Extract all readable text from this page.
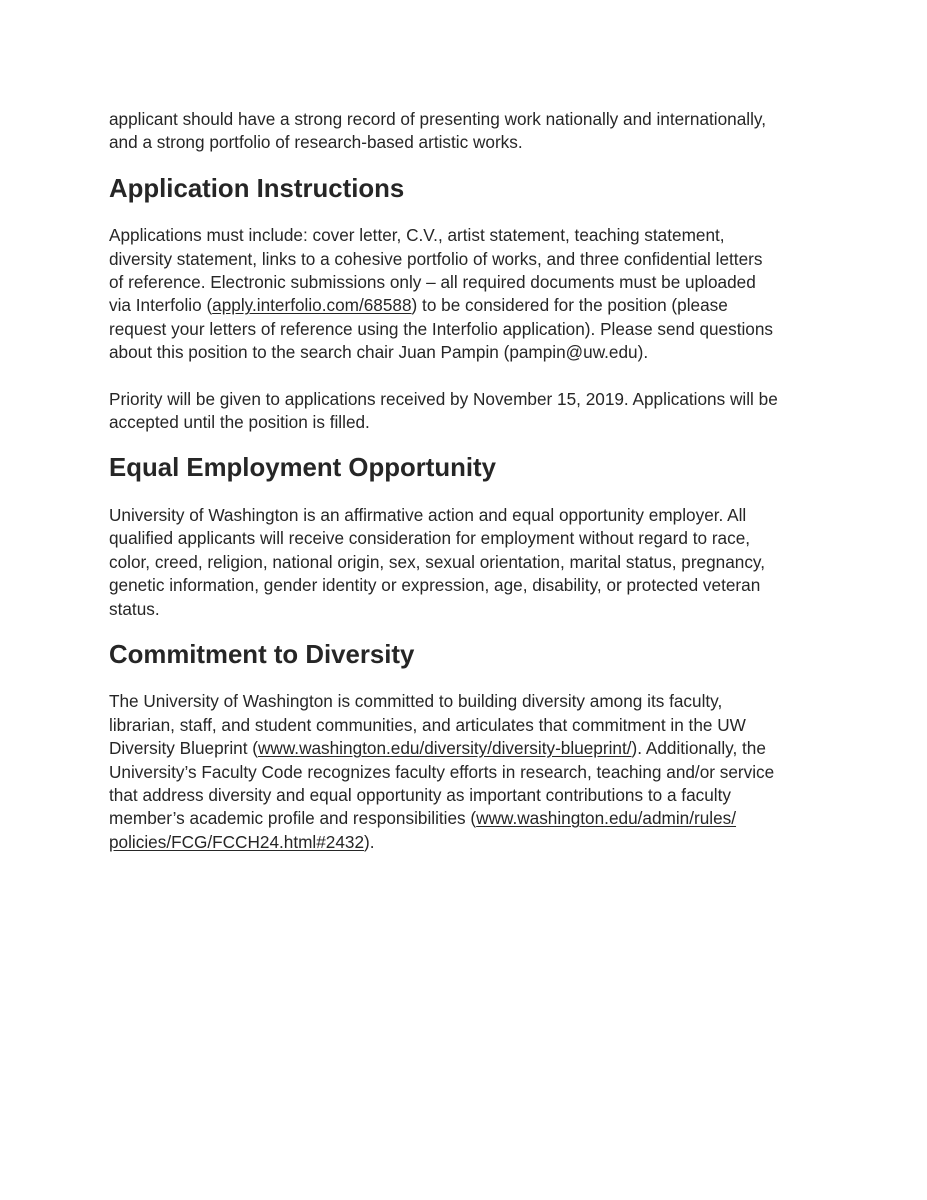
applicant should have a strong record of presenting work nationally and internationally,
and a strong portfolio of research-based artistic works.

Application Instructions

Applications must include: cover letter, C.V., artist statement, teaching statement,
diversity statement, links to a cohesive portfolio of works, and three confidential letters
of reference. Electronic submissions only – all required documents must be uploaded
via Interfolio (apply.interfolio.com/68588) to be considered for the position (please
request your letters of reference using the Interfolio application). Please send questions
about this position to the search chair Juan Pampin (pampin@uw.edu).

Priority will be given to applications received by November 15, 2019. Applications will be
accepted until the position is filled.

Equal Employment Opportunity

University of Washington is an affirmative action and equal opportunity employer. All
qualified applicants will receive consideration for employment without regard to race,
color, creed, religion, national origin, sex, sexual orientation, marital status, pregnancy,
genetic information, gender identity or expression, age, disability, or protected veteran
status.

Commitment to Diversity

The University of Washington is committed to building diversity among its faculty,
librarian, staff, and student communities, and articulates that commitment in the UW
Diversity Blueprint (www.washington.edu/diversity/diversity-blueprint/). Additionally, the
University’s Faculty Code recognizes faculty efforts in research, teaching and/or service
that address diversity and equal opportunity as important contributions to a faculty
member’s academic profile and responsibilities (www.washington.edu/admin/rules/
policies/FCG/FCCH24.html#2432).
